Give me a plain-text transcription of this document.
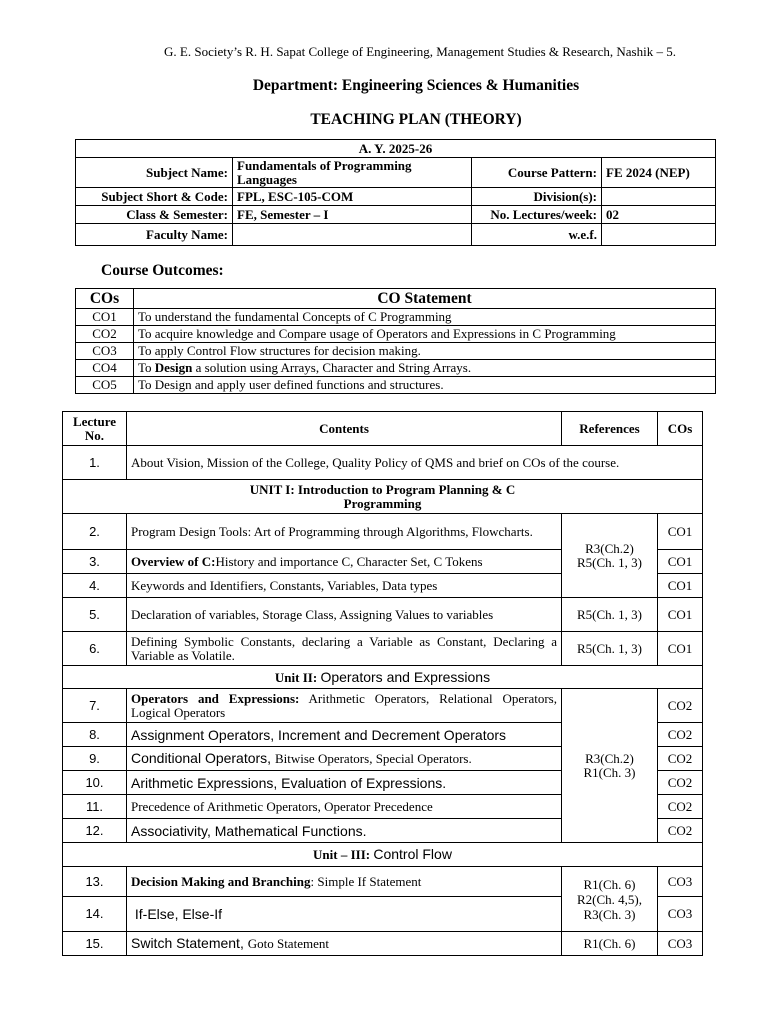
G. E. Society’s R. H. Sapat College of Engineering, Management Studies & Research, Nashik – 5.
Department: Engineering Sciences & Humanities
TEACHING PLAN (THEORY)
A. Y. 2025-26			
Subject Name:	Fundamentals of Programming Languages	Course Pattern:	FE 2024 (NEP)
Subject Short & Code:	FPL, ESC-105-COM	Division(s):	
Class & Semester:	FE, Semester – I	No. Lectures/week:	02
Faculty Name:		w.e.f.	
Course Outcomes:
COs	CO Statement
CO1	To understand the fundamental Concepts of C Programming
CO2	To acquire knowledge and Compare usage of Operators and Expressions in C Programming
CO3	To apply Control Flow structures for decision making.
CO4	To Design a solution using Arrays, Character and String Arrays.
CO5	To Design and apply user defined functions and structures.
Lecture No.	Contents	References	COs
1.	About Vision, Mission of the College, Quality Policy of QMS and brief on COs of the course.		
UNIT I: Introduction to Program Planning & C Programming			
2.	Program Design Tools: Art of Programming through Algorithms, Flowcharts.	R3(Ch.2)
R5(Ch. 1, 3)	CO1
3.	Overview of C:History and importance C, Character Set, C Tokens		CO1
4.	Keywords and Identifiers, Constants, Variables, Data types		CO1
5.	Declaration of variables, Storage Class, Assigning Values to variables	R5(Ch. 1, 3)	CO1
6.	Defining Symbolic Constants, declaring a Variable as Constant, Declaring a Variable as Volatile.	R5(Ch. 1, 3)	CO1
Unit II: Operators and Expressions			
7.	Operators and Expressions: Arithmetic Operators, Relational Operators, Logical Operators	R3(Ch.2)
R1(Ch. 3)	CO2
8.	Assignment Operators, Increment and Decrement Operators		CO2
9.	Conditional Operators, Bitwise Operators, Special Operators.		CO2
10.	Arithmetic Expressions, Evaluation of Expressions.		CO2
11.	Precedence of Arithmetic Operators, Operator Precedence		CO2
12.	Associativity, Mathematical Functions.		CO2
Unit – III: Control Flow			
13.	Decision Making and Branching: Simple If Statement	R1(Ch. 6)
R2(Ch. 4,5),
R3(Ch. 3)	CO3
14.	If-Else, Else-If		CO3
15.	Switch Statement, Goto Statement	R1(Ch. 6)	CO3
